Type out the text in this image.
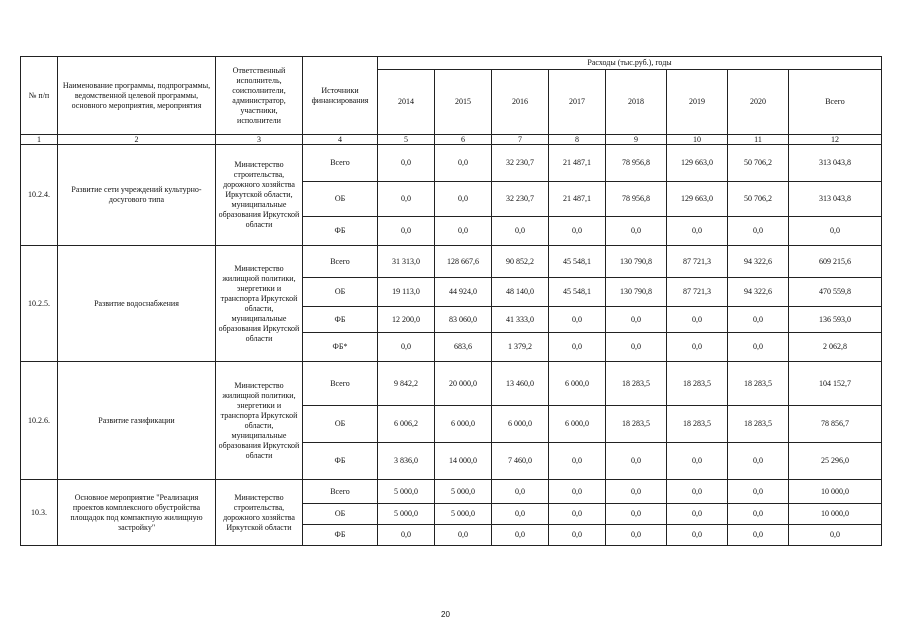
№ п/п	Наименование программы, подпрограммы, ведомственной целевой программы, основного мероприятия, мероприятия	Ответственный исполнитель, соисполнители, администратор, участники, исполнители	Источники финансирования	Расходы (тыс.руб.), годы							
				2014	2015	2016	2017	2018	2019	2020	Всего
1	2	3	4	5	6	7	8	9	10	11	12
10.2.4.	Развитие сети учреждений культурно-досугового типа	Министерство строительства, дорожного хозяйства Иркутской области, муниципальные образования Иркутской области	Всего	0,0	0,0	32 230,7	21 487,1	78 956,8	129 663,0	50 706,2	313 043,8
			ОБ	0,0	0,0	32 230,7	21 487,1	78 956,8	129 663,0	50 706,2	313 043,8
			ФБ	0,0	0,0	0,0	0,0	0,0	0,0	0,0	0,0
10.2.5.	Развитие водоснабжения	Министерство жилищной политики, энергетики и транспорта Иркутской области, муниципальные образования Иркутской области	Всего	31 313,0	128 667,6	90 852,2	45 548,1	130 790,8	87 721,3	94 322,6	609 215,6
			ОБ	19 113,0	44 924,0	48 140,0	45 548,1	130 790,8	87 721,3	94 322,6	470 559,8
			ФБ	12 200,0	83 060,0	41 333,0	0,0	0,0	0,0	0,0	136 593,0
			ФБ*	0,0	683,6	1 379,2	0,0	0,0	0,0	0,0	2 062,8
10.2.6.	Развитие газификации	Министерство жилищной политики, энергетики и транспорта Иркутской области, муниципальные образования Иркутской области	Всего	9 842,2	20 000,0	13 460,0	6 000,0	18 283,5	18 283,5	18 283,5	104 152,7
			ОБ	6 006,2	6 000,0	6 000,0	6 000,0	18 283,5	18 283,5	18 283,5	78 856,7
			ФБ	3 836,0	14 000,0	7 460,0	0,0	0,0	0,0	0,0	25 296,0
10.3.	Основное мероприятие "Реализация проектов комплексного обустройства площадок под компактную жилищную застройку"	Министерство строительства, дорожного хозяйства Иркутской области	Всего	5 000,0	5 000,0	0,0	0,0	0,0	0,0	0,0	10 000,0
			ОБ	5 000,0	5 000,0	0,0	0,0	0,0	0,0	0,0	10 000,0
			ФБ	0,0	0,0	0,0	0,0	0,0	0,0	0,0	0,0
20
